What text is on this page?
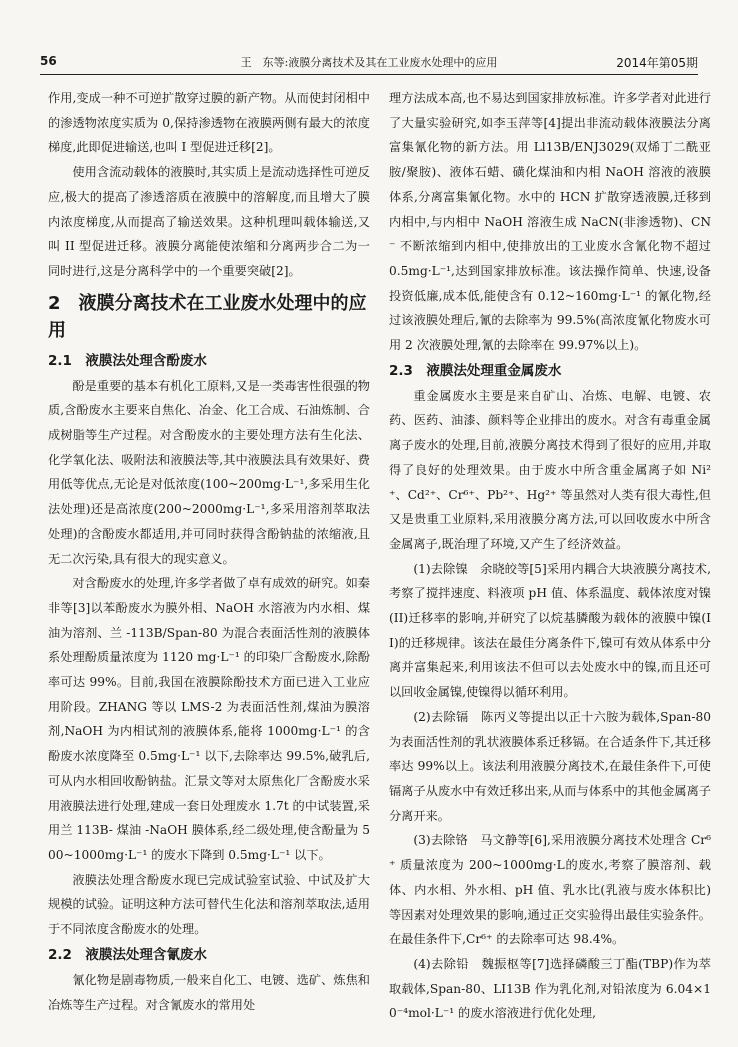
56	王　东等:液膜分离技术及其在工业废水处理中的应用	2014年第05期

作用,变成一种不可逆扩散穿过膜的新产物。从而使封闭相中的渗透物浓度实质为 0,保持渗透物在液膜两侧有最大的浓度梯度,此即促进输送,也叫 I 型促进迁移[2]。

使用含流动载体的液膜时,其实质上是流动选择性可逆反应,极大的提高了渗透溶质在液膜中的溶解度,而且增大了膜内浓度梯度,从而提高了输送效果。这种机理叫载体输送,又叫 II 型促进迁移。液膜分离能使浓缩和分离两步合二为一同时进行,这是分离科学中的一个重要突破[2]。

2　液膜分离技术在工业废水处理中的应用
2.1　液膜法处理含酚废水

酚是重要的基本有机化工原料,又是一类毒害性很强的物质,含酚废水主要来自焦化、冶金、化工合成、石油炼制、合成树脂等生产过程。对含酚废水的主要处理方法有生化法、化学氧化法、吸附法和液膜法等,其中液膜法具有效果好、费用低等优点,无论是对低浓度(100~200mg·L⁻¹,多采用生化法处理)还是高浓度(200~2000mg·L⁻¹,多采用溶剂萃取法处理)的含酚废水都适用,并可同时获得含酚钠盐的浓缩液,且无二次污染,具有很大的现实意义。

对含酚废水的处理,许多学者做了卓有成效的研究。如秦非等[3]以苯酚废水为膜外相、NaOH 水溶液为内水相、煤油为溶剂、兰 -113B/Span-80 为混合表面活性剂的液膜体系处理酚质量浓度为 1120 mg·L⁻¹ 的印染厂含酚废水,除酚率可达 99%。目前,我国在液膜除酚技术方面已进入工业应用阶段。ZHANG 等以 LMS-2 为表面活性剂,煤油为膜溶剂,NaOH 为内相试剂的液膜体系,能将 1000mg·L⁻¹ 的含酚废水浓度降至 0.5mg·L⁻¹ 以下,去除率达 99.5%,破乳后,可从内水相回收酚钠盐。汇景文等对太原焦化厂含酚废水采用液膜法进行处理,建成一套日处理废水 1.7t 的中试装置,采用兰 113B- 煤油 -NaOH 膜体系,经二级处理,使含酚量为 500~1000mg·L⁻¹ 的废水下降到 0.5mg·L⁻¹ 以下。

液膜法处理含酚废水现已完成试验室试验、中试及扩大规模的试验。证明这种方法可替代生化法和溶剂萃取法,适用于不同浓度含酚废水的处理。

2.2　液膜法处理含氰废水

氰化物是剧毒物质,一般来自化工、电镀、选矿、炼焦和冶炼等生产过程。对含氰废水的常用处

理方法成本高,也不易达到国家排放标准。许多学者对此进行了大量实验研究,如李玉萍等[4]提出非流动载体液膜法分离富集氰化物的新方法。用 Ll13B/ENJ3029(双烯丁二酰亚胺/聚胺)、液体石蜡、磺化煤油和内相 NaOH 溶液的液膜体系,分离富集氰化物。水中的 HCN 扩散穿透液膜,迁移到内相中,与内相中 NaOH 溶液生成 NaCN(非渗透物)、CN⁻ 不断浓缩到内相中,使排放出的工业废水含氰化物不超过 0.5mg·L⁻¹,达到国家排放标准。该法操作简单、快速,设备投资低廉,成本低,能使含有 0.12~160mg·L⁻¹ 的氰化物,经过该液膜处理后,氰的去除率为 99.5%(高浓度氰化物废水可用 2 次液膜处理,氰的去除率在 99.97%以上)。

2.3　液膜法处理重金属废水

重金属废水主要是来自矿山、冶炼、电解、电镀、农药、医药、油漆、颜料等企业排出的废水。对含有毒重金属离子废水的处理,目前,液膜分离技术得到了很好的应用,并取得了良好的处理效果。由于废水中所含重金属离子如 Ni²⁺、Cd²⁺、Cr⁶⁺、Pb²⁺、Hg²⁺ 等虽然对人类有很大毒性,但又是贵重工业原料,采用液膜分离方法,可以回收废水中所含金属离子,既治理了环境,又产生了经济效益。

(1)去除镍　余晓皎等[5]采用内耦合大块液膜分离技术,考察了搅拌速度、料液项 pH 值、体系温度、载体浓度对镍(II)迁移率的影响,并研究了以烷基膦酸为载体的液膜中镍(II)的迁移规律。该法在最佳分离条件下,镍可有效从体系中分离并富集起来,利用该法不但可以去处废水中的镍,而且还可以回收金属镍,使镍得以循环利用。

(2)去除镉　陈丙义等提出以正十六胺为载体,Span-80 为表面活性剂的乳状液膜体系迁移镉。在合适条件下,其迁移率达 99%以上。该法利用液膜分离技术,在最佳条件下,可使镉离子从废水中有效迁移出来,从而与体系中的其他金属离子分离开来。

(3)去除铬　马文静等[6],采用液膜分离技术处理含 Cr⁶⁺ 质量浓度为 200~1000mg·L的废水,考察了膜溶剂、载体、内水相、外水相、pH 值、乳水比(乳液与废水体积比)等因素对处理效果的影响,通过正交实验得出最佳实验条件。在最佳条件下,Cr⁶⁺ 的去除率可达 98.4%。

(4)去除铅　魏振枢等[7]选择磷酸三丁酯(TBP)作为萃取载体,Span-80、LI13B 作为乳化剂,对铅浓度为 6.04×10⁻⁴mol·L⁻¹ 的废水溶液进行优化处理,
